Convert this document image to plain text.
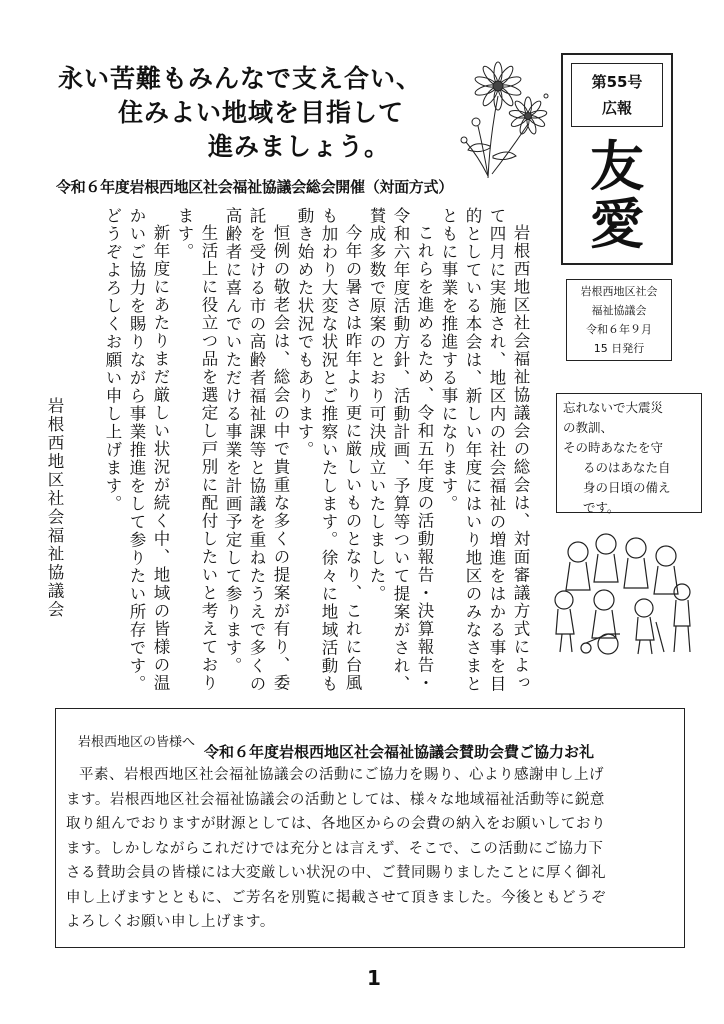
永い苦難もみんなで支え合い、
住みよい地域を目指して
進みましょう。
第55号
広報
友
愛
岩根西地区社会
福祉協議会
令和６年９月
15 日発行
忘れないで大震災
の教訓、
その時あなたを守
るのはあなた自
身の日頃の備え
です。
令和６年度岩根西地区社会福祉協議会総会開催（対面方式）

岩根西地区社会福祉協議会の総会は、対面審議方式によって四月に実施され、地区内の社会福祉の増進をはかる事を目的としている本会は、新しい年度にはいり地区のみなさまとともに事業を推進する事になります。

これらを進めるため、令和五年度の活動報告・決算報告・令和六年度活動方針、活動計画、予算等ついて提案がされ、賛成多数で原案のとおり可決成立いたしました。

今年の暑さは昨年より更に厳しいものとなり、これに台風も加わり大変な状況とご推察いたします。徐々に地域活動も動き始めた状況でもあります。

恒例の敬老会は、総会の中で貴重な多くの提案が有り、委託を受ける市の高齢者福祉課等と協議を重ねたうえで多くの高齢者に喜んでいただける事業を計画予定して参ります。

生活上に役立つ品を選定し戸別に配付したいと考えております。

新年度にあたりまだ厳しい状況が続く中、地域の皆様の温かいご協力を賜りながら事業推進をして参りたい所存です。どうぞよろしくお願い申し上げます。

岩根西地区社会福祉協議会
岩根西地区の皆様へ
令和６年度岩根西地区社会福祉協議会賛助会費ご協力お礼
平素、岩根西地区社会福祉協議会の活動にご協力を賜り、心より感謝申し上げ
ます。岩根西地区社会福祉協議会の活動としては、様々な地域福祉活動等に鋭意
取り組んでおりますが財源としては、各地区からの会費の納入をお願いしており
ます。しかしながらこれだけでは充分とは言えず、そこで、この活動にご協力下
さる賛助会員の皆様には大変厳しい状況の中、ご賛同賜りましたことに厚く御礼
申し上げますとともに、ご芳名を別覧に掲載させて頂きました。今後ともどうぞ
よろしくお願い申し上げます。
1
